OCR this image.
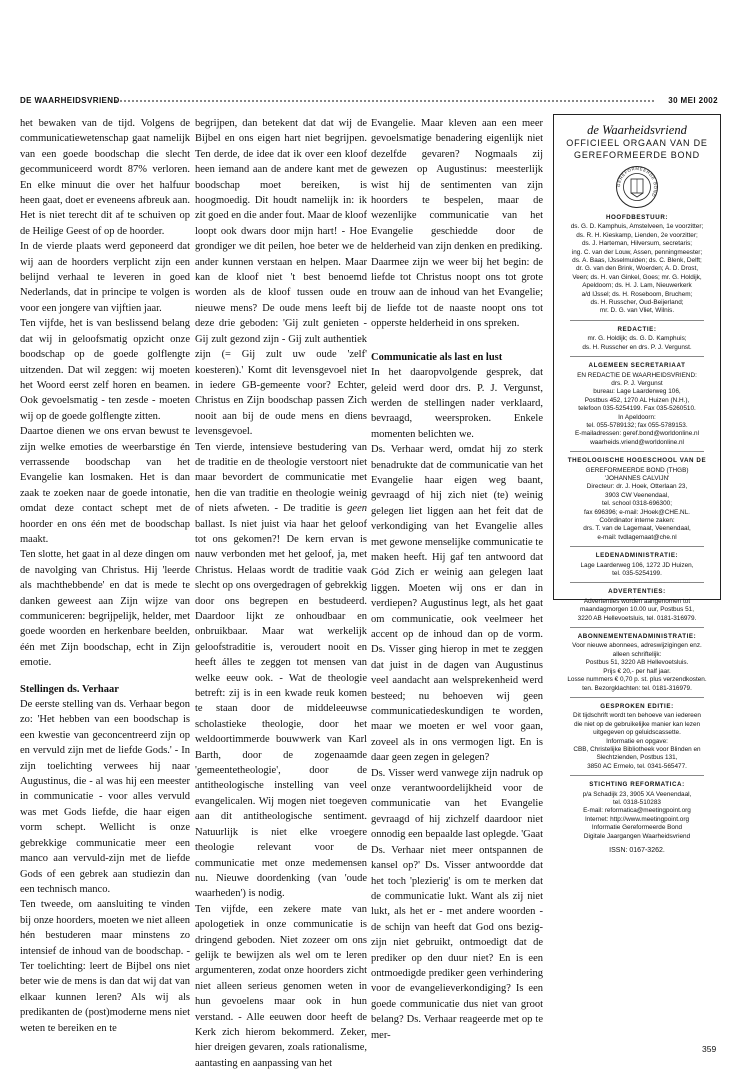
DE WAARHEIDSVRIEND	30 MEI 2002

het bewaken van de tijd. Volgens de communicatiewetenschap gaat namelijk van een goede boodschap die slecht gecommuniceerd wordt 87% verloren. En elke minuut die over het halfuur heen gaat, doet er eveneens afbreuk aan. Het is niet terecht dit af te schuiven op de Heilige Geest of op de hoorder.

In de vierde plaats werd geponeerd dat wij aan de hoorders verplicht zijn een belijnd verhaal te leveren in goed Nederlands, dat in principe te volgen is voor een jongere van vijftien jaar.

Ten vijfde, het is van beslissend belang dat wij in geloofsmatig opzicht onze boodschap op de goede golflengte uitzenden. Dat wil zeggen: wij moeten het Woord eerst zelf horen en beamen. Ook gevoelsmatig - ten zesde - moeten wij op de goede golflengte zitten.

Daartoe dienen we ons ervan bewust te zijn welke emoties de weerbarstige én verrassende boodschap van het Evangelie kan losmaken. Het is dan zaak te zoeken naar de goede intonatie, omdat deze contact schept met de hoorder en ons één met de boodschap maakt.

Ten slotte, het gaat in al deze dingen om de navolging van Christus. Hij 'leerde als machthebbende' en dat is mede te danken geweest aan Zijn wijze van communiceren: begrijpelijk, helder, met goede woorden en herkenbare beelden, één met Zijn boodschap, echt in Zijn emotie.

Stellingen ds. Verhaar

De eerste stelling van ds. Verhaar begon zo: 'Het hebben van een boodschap is een kwestie van geconcentreerd zijn op en vervuld zijn met de liefde Gods.' - In zijn toelichting verwees hij naar Augustinus, die - al was hij een meester in communicatie - voor alles vervuld was met Gods liefde, die haar eigen vorm schept. Wellicht is onze gebrekkige communicatie meer een manco aan vervuld-zijn met de liefde Gods of een gebrek aan studiezin dan een technisch manco.

Ten tweede, om aansluiting te vinden bij onze hoorders, moeten we niet alleen hén bestuderen maar minstens zo intensief de inhoud van de boodschap. - Ter toelichting: leert de Bijbel ons niet beter wie de mens is dan dat wij dat van elkaar kunnen leren? Als wij als predikanten de (post)moderne mens niet weten te bereiken en te

begrijpen, dan betekent dat dat wij de Bijbel en ons eigen hart niet begrijpen. Ten derde, de idee dat ik over een kloof heen iemand aan de andere kant met de boodschap moet bereiken, is hoogmoedig. Dit houdt namelijk in: ik zit goed en die ander fout. Maar de kloof loopt ook dwars door mijn hart! - Hoe grondiger we dit peilen, hoe beter we de ander kunnen verstaan en helpen. Maar kan de kloof niet 't best benoemd worden als de kloof tussen oude en nieuwe mens? De oude mens leeft bij deze drie geboden: 'Gij zult genieten - Gij zult gezond zijn - Gij zult authentiek zijn (= Gij zult uw oude 'zelf' koesteren).' Komt dit levensgevoel niet in iedere GB-gemeente voor? Echter, Christus en Zijn boodschap passen Zich nooit aan bij de oude mens en diens levensgevoel.

Ten vierde, intensieve bestudering van de traditie en de theologie verstoort niet maar bevordert de communicatie met hen die van traditie en theologie weinig of niets afweten. - De traditie is geen ballast. Is niet juist via haar het geloof tot ons gekomen?! De kern ervan is nauw verbonden met het geloof, ja, met Christus. Helaas wordt de traditie vaak slecht op ons overgedragen of gebrekkig door ons begrepen en bestudeerd. Daardoor lijkt ze onhoudbaar en onbruikbaar. Maar wat werkelijk geloofstraditie is, veroudert nooit en heeft álles te zeggen tot mensen van welke eeuw ook. - Wat de theologie betreft: zij is in een kwade reuk komen te staan door de middeleeuwse scholastieke theologie, door het weldoortimmerde bouwwerk van Karl Barth, door de zogenaamde 'gemeentetheologie', door de antitheologische instelling van veel evangelicalen. Wij mogen niet toegeven aan dit antitheologische sentiment. Natuurlijk is niet elke vroegere theologie relevant voor de communicatie met onze medemensen nu. Nieuwe doordenking (van 'oude waarheden') is nodig.

Ten vijfde, een zekere mate van apologetiek in onze communicatie is dringend geboden. Niet zozeer om ons gelijk te bewijzen als wel om te leren argumenteren, zodat onze hoorders zicht niet alleen serieus genomen weten in hun gevoelens maar ook in hun verstand. - Alle eeuwen door heeft de Kerk zich hierom bekommerd. Zeker, hier dreigen gevaren, zoals rationalisme, aantasting en aanpassing van het

Evangelie. Maar kleven aan een meer gevoelsmatige benadering eigenlijk niet dezelfde gevaren? Nogmaals zij gewezen op Augustinus: meesterlijk wist hij de sentimenten van zijn hoorders te bespelen, maar de wezenlijke communicatie van het Evangelie geschiedde door de helderheid van zijn denken en prediking.

Daarmee zijn we weer bij het begin: de liefde tot Christus noopt ons tot grote trouw aan de inhoud van het Evangelie; de liefde tot de naaste noopt ons tot opperste helderheid in ons spreken.

Communicatie als last en lust

In het daaropvolgende gesprek, dat geleid werd door drs. P. J. Vergunst, werden de stellingen nader verklaard, bevraagd, weersproken. Enkele momenten belichten we.

Ds. Verhaar werd, omdat hij zo sterk benadrukte dat de communicatie van het Evangelie haar eigen weg baant, gevraagd of hij zich niet (te) weinig gelegen liet liggen aan het feit dat de verkondiging van het Evangelie alles met gewone menselijke communicatie te maken heeft. Hij gaf ten antwoord dat Gód Zich er weinig aan gelegen laat liggen. Moeten wij ons er dan in verdiepen? Augustinus legt, als het gaat om communicatie, ook veelmeer het accent op de inhoud dan op de vorm. Ds. Visser ging hierop in met te zeggen dat juist in de dagen van Augustinus veel aandacht aan welsprekenheid werd besteed; nu behoeven wij geen communicatiedeskundigen te worden, maar we moeten er wel voor gaan, zoveel als in ons vermogen ligt. En is daar geen zegen in gelegen?

Ds. Visser werd vanwege zijn nadruk op onze verantwoordelijkheid voor de communicatie van het Evangelie gevraagd of hij zichzelf daardoor niet onnodig een bepaalde last oplegde. 'Gaat Ds. Verhaar niet meer ontspannen de kansel op?' Ds. Visser antwoordde dat het toch 'plezierig' is om te merken dat de communicatie lukt. Want als zij niet lukt, als het er - met andere woorden - de schijn van heeft dat God ons bezig-zijn niet gebruikt, ontmoedigt dat de prediker op den duur niet? En is een ontmoedigde prediker geen verhindering voor de evangelieverkondiging? Is een goede communicatie dus niet van groot belang? Ds. Verhaar reageerde met op te mer-

de Waarheidsvriend
OFFICIEEL ORGAAN VAN DE
GEREFORMEERDE BOND
GEREFORMEERDE BOND
HOOFDBESTUUR:
ds. G. D. Kamphuis, Amstelveen, 1e voorzitter;
ds. R. H. Kieskamp, Lienden, 2e voorzitter;
ds. J. Harteman, Hilversum, secretaris;
ing. C. van der Louw, Assen, penningmeester;
ds. A. Baas, IJsselmuiden; ds. C. Blenk, Delft;
dr. G. van den Brink, Woerden; A. D. Drost,
Veen; ds. H. van Ginkel, Goes; mr. G. Holdijk,
Apeldoorn; ds. H. J. Lam, Nieuwerkerk
a/d IJssel; ds. H. Roseboom, Bruchem;
ds. H. Russcher, Oud-Beijerland;
mr. D. G. van Vliet, Wilnis.
REDACTIE:
mr. G. Holdijk; ds. G. D. Kamphuis;
ds. H. Russcher en drs. P. J. Vergunst.
ALGEMEEN SECRETARIAAT
EN REDACTIE DE WAARHEIDSVRIEND:
drs. P. J. Vergunst
bureau: Lage Laarderweg 106,
Postbus 452, 1270 AL Huizen (N.H.),
telefoon 035-5254199. Fax 035-5260510.
In Apeldoorn:
tel. 055-5789132; fax 055-5789153.
E-mailadressen: geref.bond@worldonline.nl
waarheids.vriend@worldonline.nl
THEOLOGISCHE HOGESCHOOL VAN DE
GEREFORMEERDE BOND (THGB)
'JOHANNES CALVIJN'
Directeur: dr. J. Hoek, Otterlaan 23,
3903 CW Veenendaal,
tel. school 0318-696300;
fax 696396; e-mail: JHoek@CHE.NL.
Coördinator interne zaken:
drs. T. van de Lagemaat, Veenendaal,
e-mail: tvdlagemaat@che.nl
LEDENADMINISTRATIE:
Lage Laarderweg 106, 1272 JD Huizen,
tel. 035-5254199.
ADVERTENTIES:
Advertenties worden aangenomen tot
maandagmorgen 10.00 uur, Postbus 51,
3220 AB Hellevoetsluis, tel. 0181-316979.
ABONNEMENTENADMINISTRATIE:
Voor nieuwe abonnees, adreswijzigingen enz.
alleen schriftelijk:
Postbus 51, 3220 AB Hellevoetsluis.
Prijs € 20,- per half jaar.
Losse nummers € 0,70 p. st. plus verzendkosten.
ten. Bezorgklachten: tel. 0181-316979.
GESPROKEN EDITIE:
Dit tijdschrift wordt ten behoeve van iedereen
die niet op de gebruikelijke manier kan lezen
uitgegeven op geluidscassette.
Informatie en opgave:
CBB, Christelijke Bibliotheek voor Blinden en
Slechtzienden, Postbus 131,
3850 AC Ermelo, tel. 0341-565477.
STICHTING REFORMATICA:
p/a Schadijk 23, 3905 XA Veenendaal,
tel. 0318-510283
E-mail: reformatica@meetingpoint.org
Internet: http://www.meetingpoint.org
Informatie Gereformeerde Bond
Digitale Jaargangen Waarheidsvriend
ISSN: 0167-3262.
359
